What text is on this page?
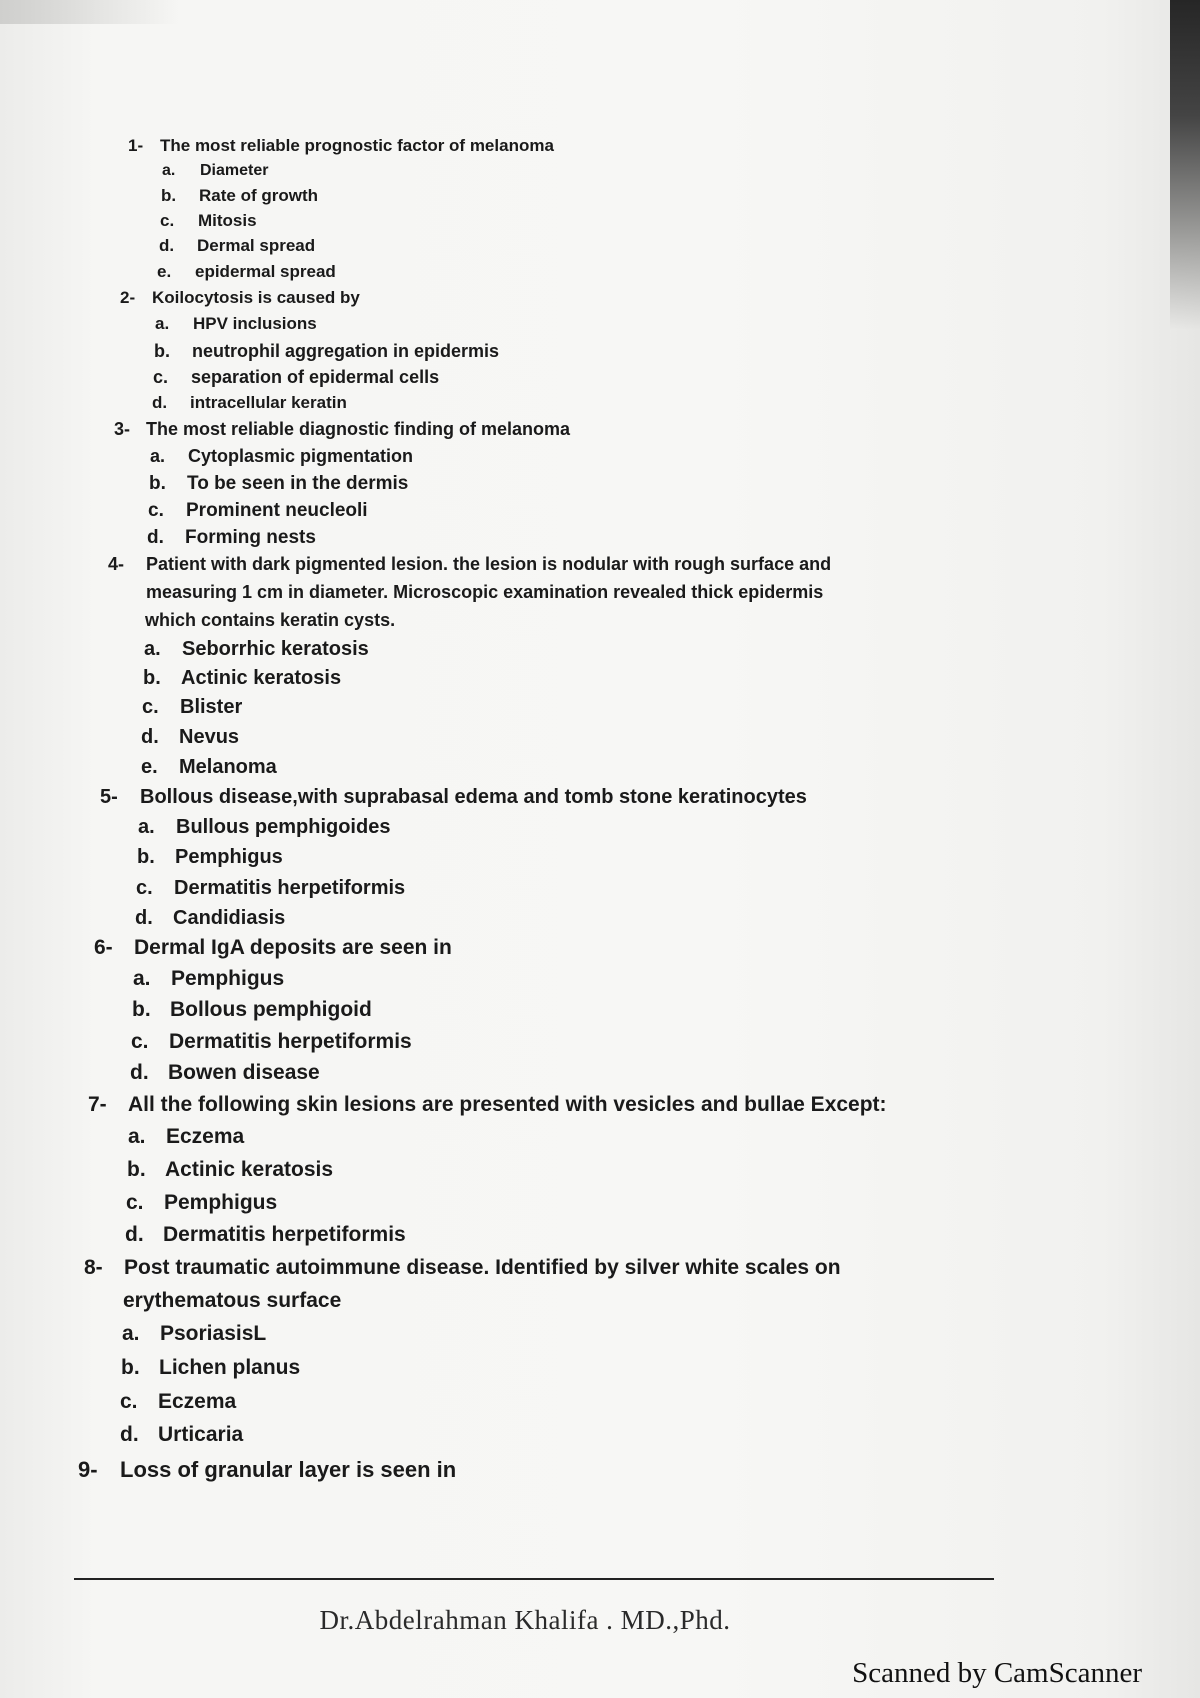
1- The most reliable prognostic factor of melanoma
a. Diameter
b. Rate of growth
c. Mitosis
d. Dermal spread
e. epidermal spread
2- Koilocytosis is caused by
a. HPV inclusions
b. neutrophil aggregation in epidermis
c. separation of epidermal cells
d. intracellular keratin
3- The most reliable diagnostic finding of melanoma
a. Cytoplasmic pigmentation
b. To be seen in the dermis
c. Prominent neucleoli
d. Forming nests
4-	Patient with dark pigmented lesion. the lesion is nodular with rough surface and
measuring 1 cm in diameter. Microscopic examination revealed thick epidermis
which contains keratin cysts.
a. Seborrhic keratosis
b. Actinic keratosis
c. Blister
d. Nevus
e. Melanoma
5- Bollous disease,with suprabasal edema and tomb stone keratinocytes
a. Bullous pemphigoides
b. Pemphigus
c. Dermatitis herpetiformis
d. Candidiasis
6- Dermal IgA deposits are seen in
a. Pemphigus
b. Bollous pemphigoid
c. Dermatitis herpetiformis
d. Bowen disease
7- All the following skin lesions are presented with vesicles and bullae Except:
a. Eczema
b. Actinic keratosis
c. Pemphigus
d. Dermatitis herpetiformis
8-	Post traumatic autoimmune disease. Identified by silver white scales on
erythematous surface
a. PsoriasisL
b. Lichen planus
c. Eczema
d. Urticaria
9- Loss of granular layer is seen in
Dr.Abdelrahman Khalifa . MD.,Phd.
Scanned by CamScanner
